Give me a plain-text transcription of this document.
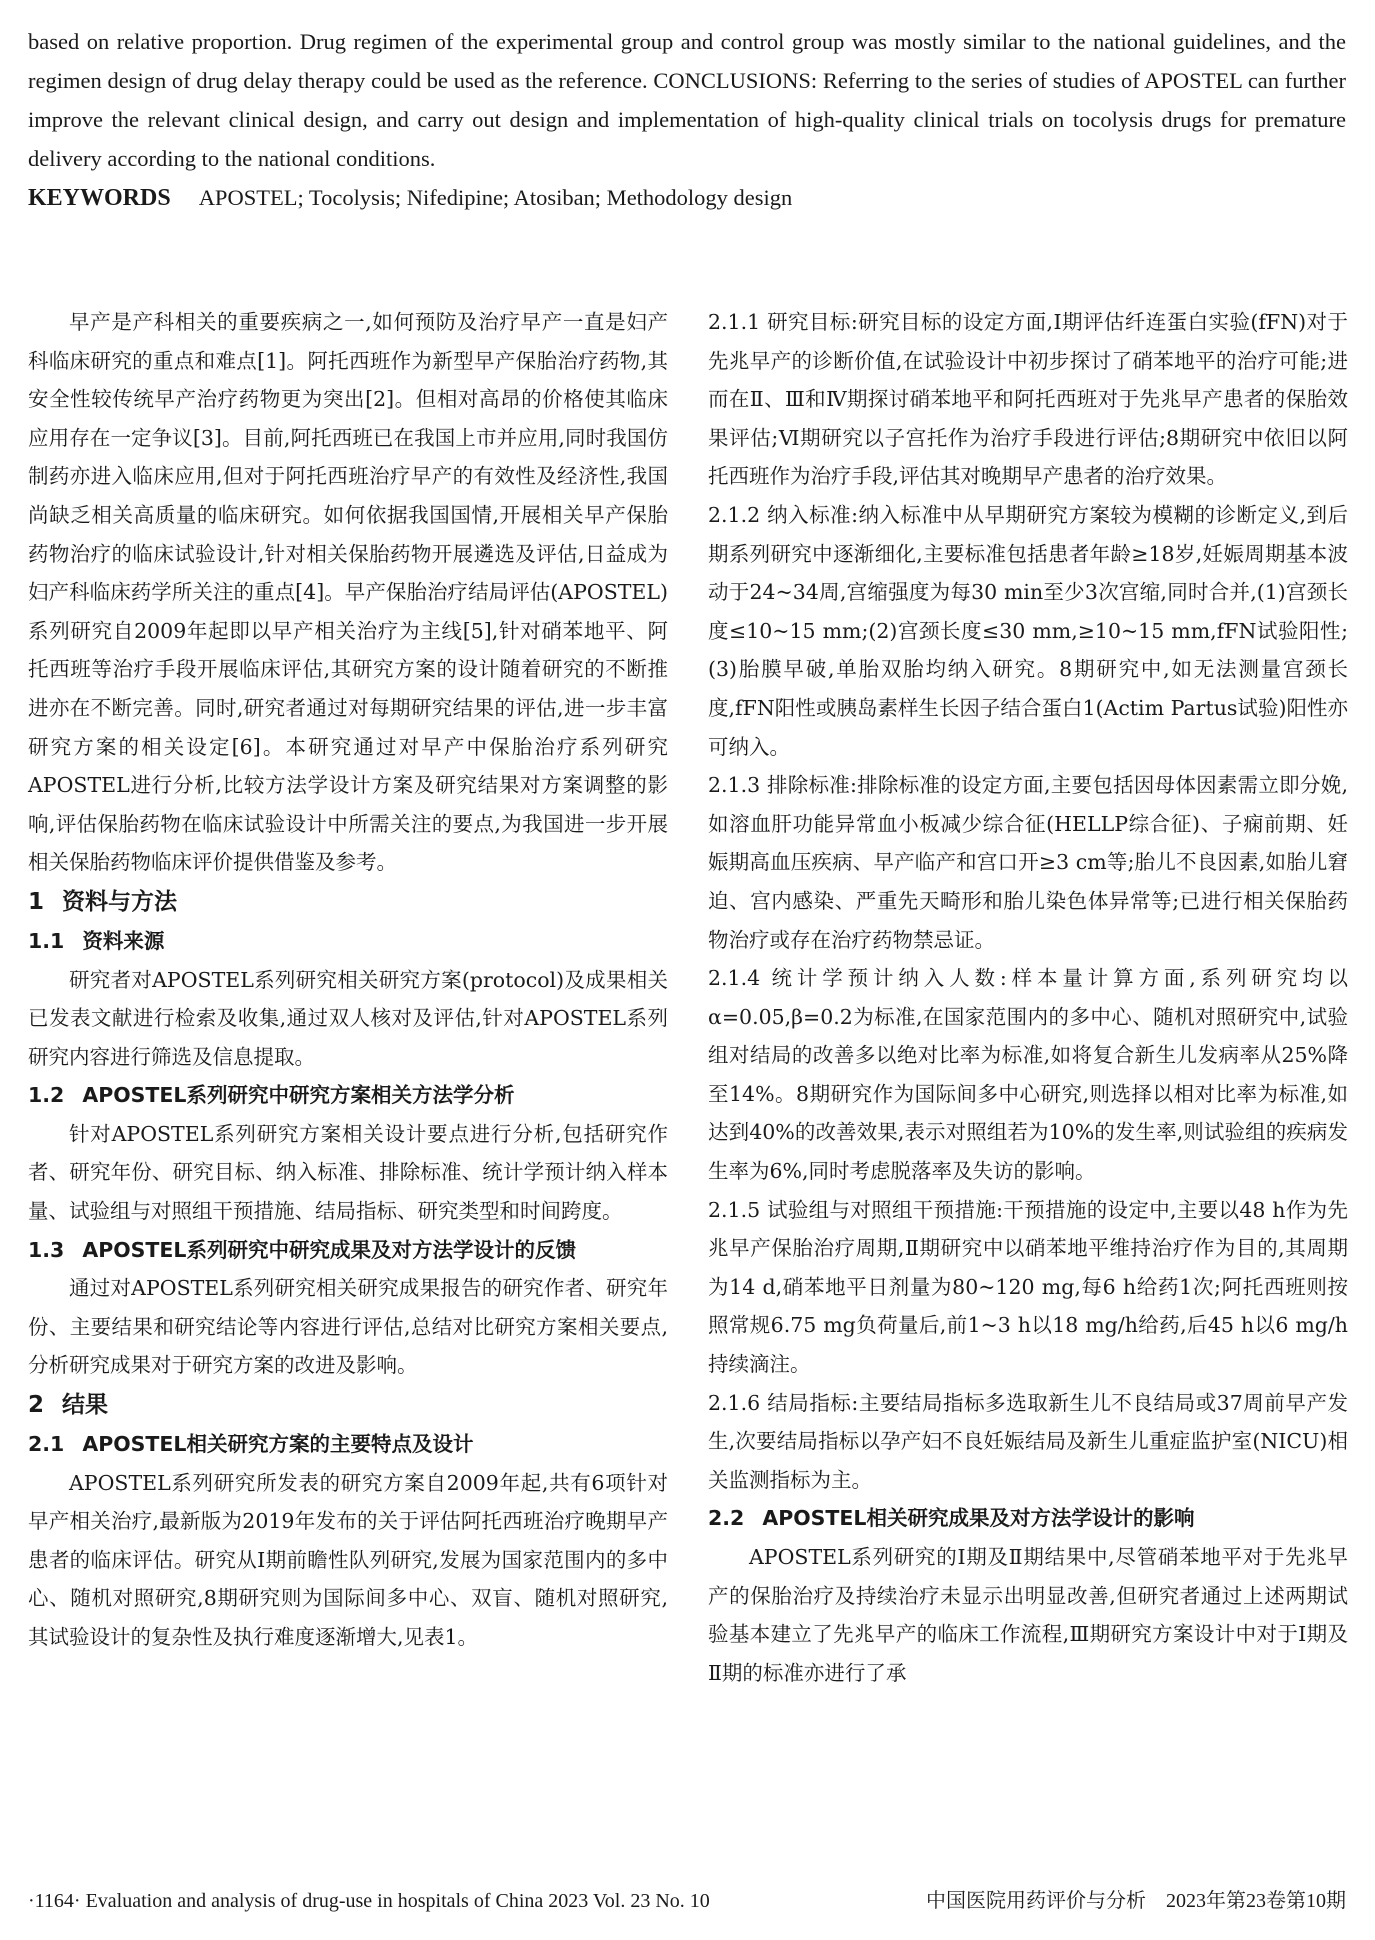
based on relative proportion. Drug regimen of the experimental group and control group was mostly similar to the national guidelines, and the regimen design of drug delay therapy could be used as the reference. CONCLUSIONS: Referring to the series of studies of APOSTEL can further improve the relevant clinical design, and carry out design and implementation of high-quality clinical trials on tocolysis drugs for premature delivery according to the national conditions.

KEYWORDS APOSTEL; Tocolysis; Nifedipine; Atosiban; Methodology design

早产是产科相关的重要疾病之一,如何预防及治疗早产一直是妇产科临床研究的重点和难点[1]。阿托西班作为新型早产保胎治疗药物,其安全性较传统早产治疗药物更为突出[2]。但相对高昂的价格使其临床应用存在一定争议[3]。目前,阿托西班已在我国上市并应用,同时我国仿制药亦进入临床应用,但对于阿托西班治疗早产的有效性及经济性,我国尚缺乏相关高质量的临床研究。如何依据我国国情,开展相关早产保胎药物治疗的临床试验设计,针对相关保胎药物开展遴选及评估,日益成为妇产科临床药学所关注的重点[4]。早产保胎治疗结局评估(APOSTEL)系列研究自2009年起即以早产相关治疗为主线[5],针对硝苯地平、阿托西班等治疗手段开展临床评估,其研究方案的设计随着研究的不断推进亦在不断完善。同时,研究者通过对每期研究结果的评估,进一步丰富研究方案的相关设定[6]。本研究通过对早产中保胎治疗系列研究APOSTEL进行分析,比较方法学设计方案及研究结果对方案调整的影响,评估保胎药物在临床试验设计中所需关注的要点,为我国进一步开展相关保胎药物临床评价提供借鉴及参考。

1 资料与方法

1.1 资料来源

研究者对APOSTEL系列研究相关研究方案(protocol)及成果相关已发表文献进行检索及收集,通过双人核对及评估,针对APOSTEL系列研究内容进行筛选及信息提取。

1.2 APOSTEL系列研究中研究方案相关方法学分析

针对APOSTEL系列研究方案相关设计要点进行分析,包括研究作者、研究年份、研究目标、纳入标准、排除标准、统计学预计纳入样本量、试验组与对照组干预措施、结局指标、研究类型和时间跨度。

1.3 APOSTEL系列研究中研究成果及对方法学设计的反馈

通过对APOSTEL系列研究相关研究成果报告的研究作者、研究年份、主要结果和研究结论等内容进行评估,总结对比研究方案相关要点,分析研究成果对于研究方案的改进及影响。

2 结果

2.1 APOSTEL相关研究方案的主要特点及设计

APOSTEL系列研究所发表的研究方案自2009年起,共有6项针对早产相关治疗,最新版为2019年发布的关于评估阿托西班治疗晚期早产患者的临床评估。研究从Ⅰ期前瞻性队列研究,发展为国家范围内的多中心、随机对照研究,8期研究则为国际间多中心、双盲、随机对照研究,其试验设计的复杂性及执行难度逐渐增大,见表1。

2.1.1 研究目标:研究目标的设定方面,Ⅰ期评估纤连蛋白实验(fFN)对于先兆早产的诊断价值,在试验设计中初步探讨了硝苯地平的治疗可能;进而在Ⅱ、Ⅲ和Ⅳ期探讨硝苯地平和阿托西班对于先兆早产患者的保胎效果评估;Ⅵ期研究以子宫托作为治疗手段进行评估;8期研究中依旧以阿托西班作为治疗手段,评估其对晚期早产患者的治疗效果。

2.1.2 纳入标准:纳入标准中从早期研究方案较为模糊的诊断定义,到后期系列研究中逐渐细化,主要标准包括患者年龄≥18岁,妊娠周期基本波动于24~34周,宫缩强度为每30 min至少3次宫缩,同时合并,(1)宫颈长度≤10~15 mm;(2)宫颈长度≤30 mm,≥10~15 mm,fFN试验阳性;(3)胎膜早破,单胎双胎均纳入研究。8期研究中,如无法测量宫颈长度,fFN阳性或胰岛素样生长因子结合蛋白1(Actim Partus试验)阳性亦可纳入。

2.1.3 排除标准:排除标准的设定方面,主要包括因母体因素需立即分娩,如溶血肝功能异常血小板减少综合征(HELLP综合征)、子痫前期、妊娠期高血压疾病、早产临产和宫口开≥3 cm等;胎儿不良因素,如胎儿窘迫、宫内感染、严重先天畸形和胎儿染色体异常等;已进行相关保胎药物治疗或存在治疗药物禁忌证。

2.1.4 统计学预计纳入人数:样本量计算方面,系列研究均以α=0.05,β=0.2为标准,在国家范围内的多中心、随机对照研究中,试验组对结局的改善多以绝对比率为标准,如将复合新生儿发病率从25%降至14%。8期研究作为国际间多中心研究,则选择以相对比率为标准,如达到40%的改善效果,表示对照组若为10%的发生率,则试验组的疾病发生率为6%,同时考虑脱落率及失访的影响。

2.1.5 试验组与对照组干预措施:干预措施的设定中,主要以48 h作为先兆早产保胎治疗周期,Ⅱ期研究中以硝苯地平维持治疗作为目的,其周期为14 d,硝苯地平日剂量为80~120 mg,每6 h给药1次;阿托西班则按照常规6.75 mg负荷量后,前1~3 h以18 mg/h给药,后45 h以6 mg/h持续滴注。

2.1.6 结局指标:主要结局指标多选取新生儿不良结局或37周前早产发生,次要结局指标以孕产妇不良妊娠结局及新生儿重症监护室(NICU)相关监测指标为主。

2.2 APOSTEL相关研究成果及对方法学设计的影响

APOSTEL系列研究的Ⅰ期及Ⅱ期结果中,尽管硝苯地平对于先兆早产的保胎治疗及持续治疗未显示出明显改善,但研究者通过上述两期试验基本建立了先兆早产的临床工作流程,Ⅲ期研究方案设计中对于Ⅰ期及Ⅱ期的标准亦进行了承

·1164· Evaluation and analysis of drug-use in hospitals of China 2023 Vol. 23 No. 10	中国医院用药评价与分析　2023年第23卷第10期
